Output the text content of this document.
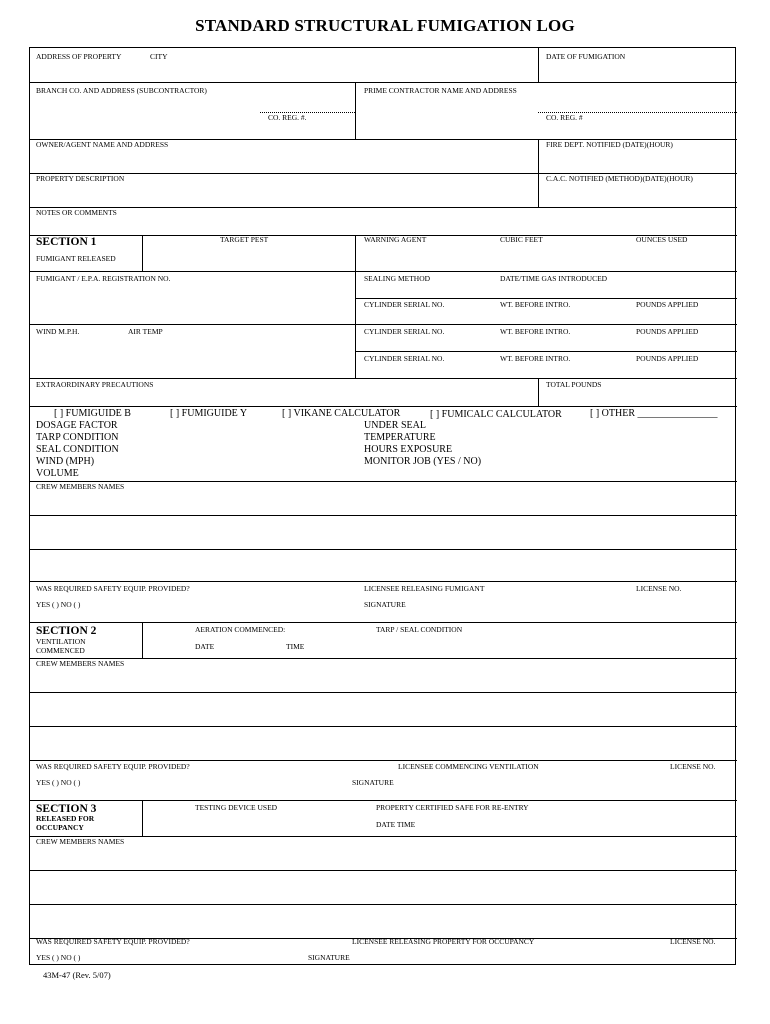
STANDARD STRUCTURAL FUMIGATION LOG
ADDRESS OF PROPERTY	CITY	DATE OF FUMIGATION
BRANCH CO. AND ADDRESS (SUBCONTRACTOR)	PRIME CONTRACTOR NAME AND ADDRESS
CO. REG. #.	CO. REG. #
OWNER/AGENT NAME AND ADDRESS	FIRE DEPT. NOTIFIED (DATE)(HOUR)
PROPERTY DESCRIPTION	C.A.C. NOTIFIED (METHOD)(DATE)(HOUR)
NOTES OR COMMENTS
SECTION 1
FUMIGANT RELEASED
TARGET PEST	WARNING AGENT	CUBIC FEET	OUNCES USED
FUMIGANT / E.P.A. REGISTRATION NO.	SEALING METHOD	DATE/TIME GAS INTRODUCED
CYLINDER SERIAL NO.	WT. BEFORE INTRO.	POUNDS APPLIED
WIND M.P.H.	AIR TEMP	CYLINDER SERIAL NO.	WT. BEFORE INTRO.	POUNDS APPLIED
CYLINDER SERIAL NO.	WT. BEFORE INTRO.	POUNDS APPLIED
EXTRAORDINARY PRECAUTIONS	TOTAL POUNDS
[ ] FUMIGUIDE B	[ ] FUMIGUIDE Y	[ ] VIKANE CALCULATOR	[ ] FUMICALC CALCULATOR	[ ] OTHER ________________
DOSAGE FACTOR
TARP CONDITION
SEAL CONDITION
WIND (MPH)
VOLUME
UNDER SEAL
TEMPERATURE
HOURS EXPOSURE
MONITOR JOB (YES / NO)
CREW MEMBERS NAMES
WAS REQUIRED SAFETY EQUIP. PROVIDED?	LICENSEE RELEASING FUMIGANT	LICENSE NO.
YES ( ) NO ( )	SIGNATURE
SECTION 2
VENTILATION
COMMENCED
AERATION COMMENCED:
DATE	TIME
TARP / SEAL CONDITION
CREW MEMBERS NAMES
WAS REQUIRED SAFETY EQUIP. PROVIDED?	LICENSEE COMMENCING VENTILATION	LICENSE NO.
YES ( ) NO ( )	SIGNATURE
SECTION 3
RELEASED FOR
OCCUPANCY
TESTING DEVICE USED	PROPERTY CERTIFIED SAFE FOR RE-ENTRY
DATE TIME
CREW MEMBERS NAMES
WAS REQUIRED SAFETY EQUIP. PROVIDED?	LICENSEE RELEASING PROPERTY FOR OCCUPANCY	LICENSE NO.
YES ( ) NO ( )	SIGNATURE
43M-47 (Rev. 5/07)
